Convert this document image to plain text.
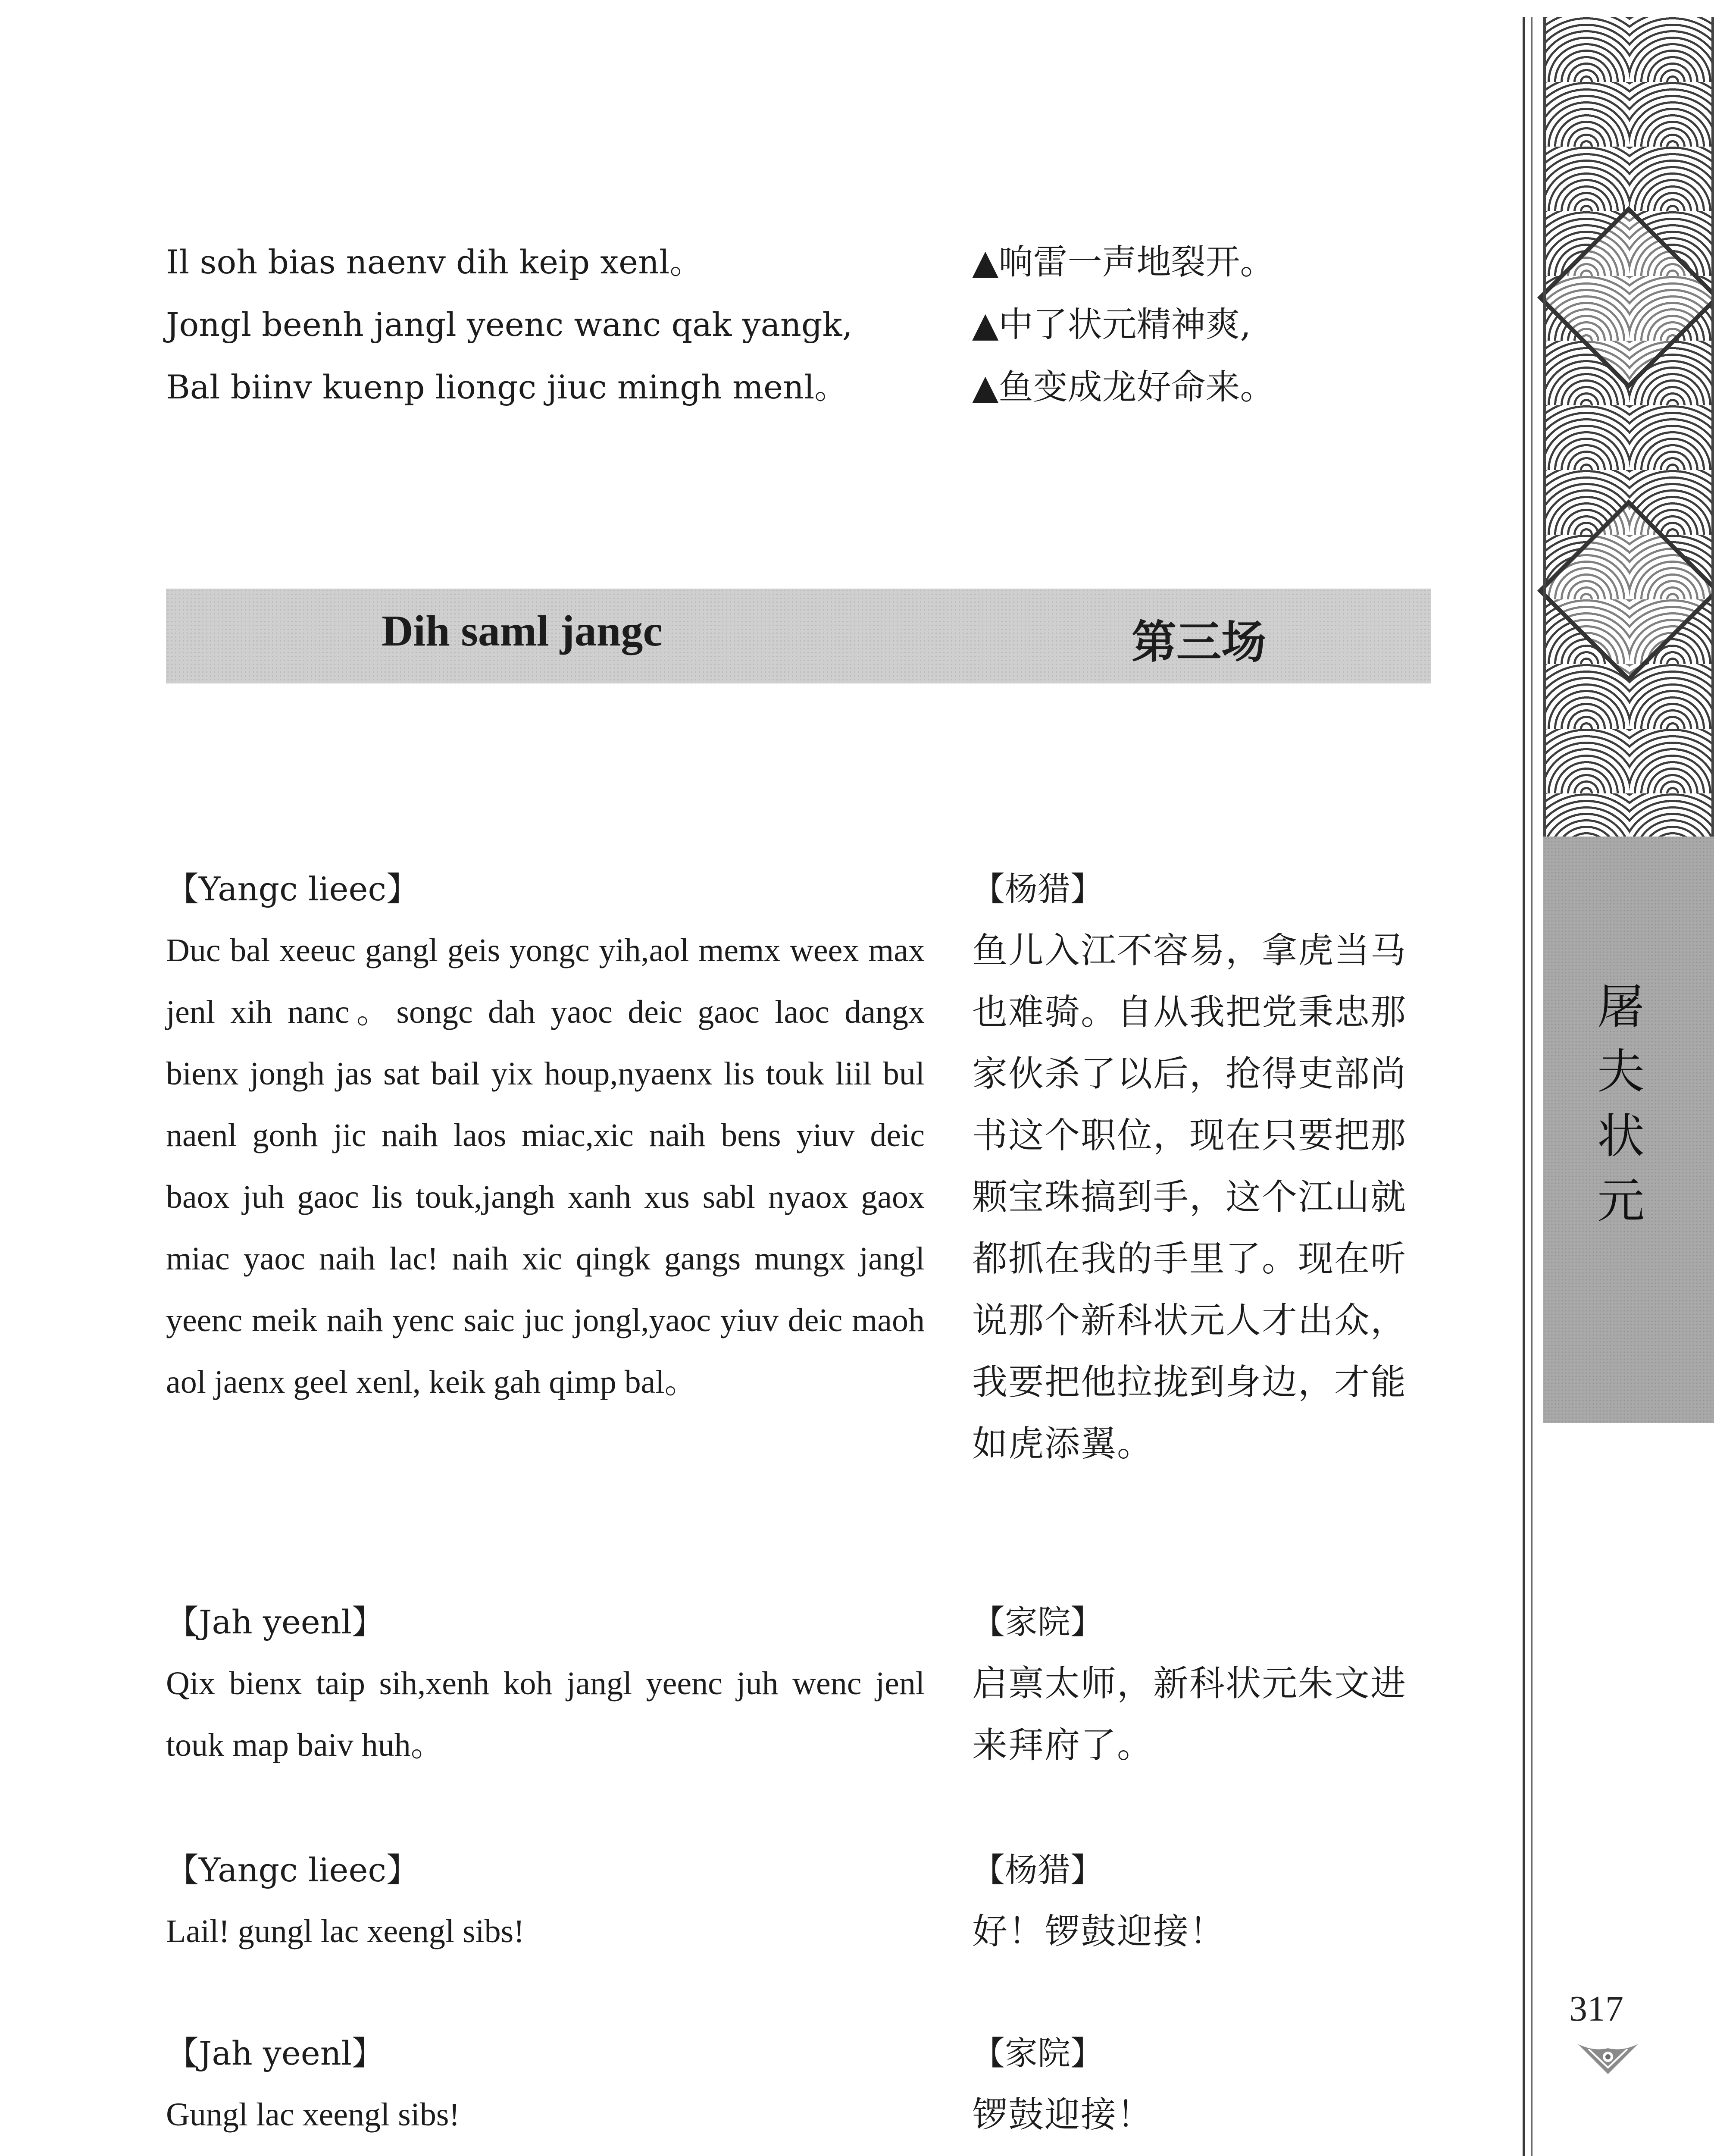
Il soh bias naenv dih keip xenl。
Jongl beenh jangl yeenc wanc qak yangk,
Bal biinv kuenp liongc jiuc mingh menl。
▲响雷一声地裂开。
▲中了状元精神爽,
▲鱼变成龙好命来。
Dih saml jangc	第三场

【Yangc lieec】

Duc bal xeeuc gangl geis yongc yih,aol memx weex max jenl xih nanc。songc dah yaoc deic gaoc laoc dangx bienx jongh jas sat bail yix houp,nyaenx lis touk liil bul naenl gonh jic naih laos miac,xic naih bens yiuv deic baox juh gaoc lis touk,jangh xanh xus sabl nyaox gaox miac yaoc naih lac! naih xic qingk gangs mungx jangl yeenc meik naih yenc saic juc jongl,yaoc yiuv deic maoh aol jaenx geel xenl, keik gah qimp bal。

【杨猎】

鱼儿入江不容易，拿虎当马也难骑。自从我把党秉忠那家伙杀了以后，抢得吏部尚书这个职位，现在只要把那颗宝珠搞到手，这个江山就都抓在我的手里了。现在听说那个新科状元人才出众，我要把他拉拢到身边，才能如虎添翼。

【Jah yeenl】

Qix bienx taip sih,xenh koh jangl yeenc juh wenc jenl touk map baiv huh。

【家院】

启禀太师，新科状元朱文进来拜府了。

【Yangc lieec】

Lail! gungl lac xeengl sibs!

【杨猎】

好！锣鼓迎接！

【Jah yeenl】

Gungl lac xeengl sibs!

【家院】

锣鼓迎接！

屠
夫
状
元
317
